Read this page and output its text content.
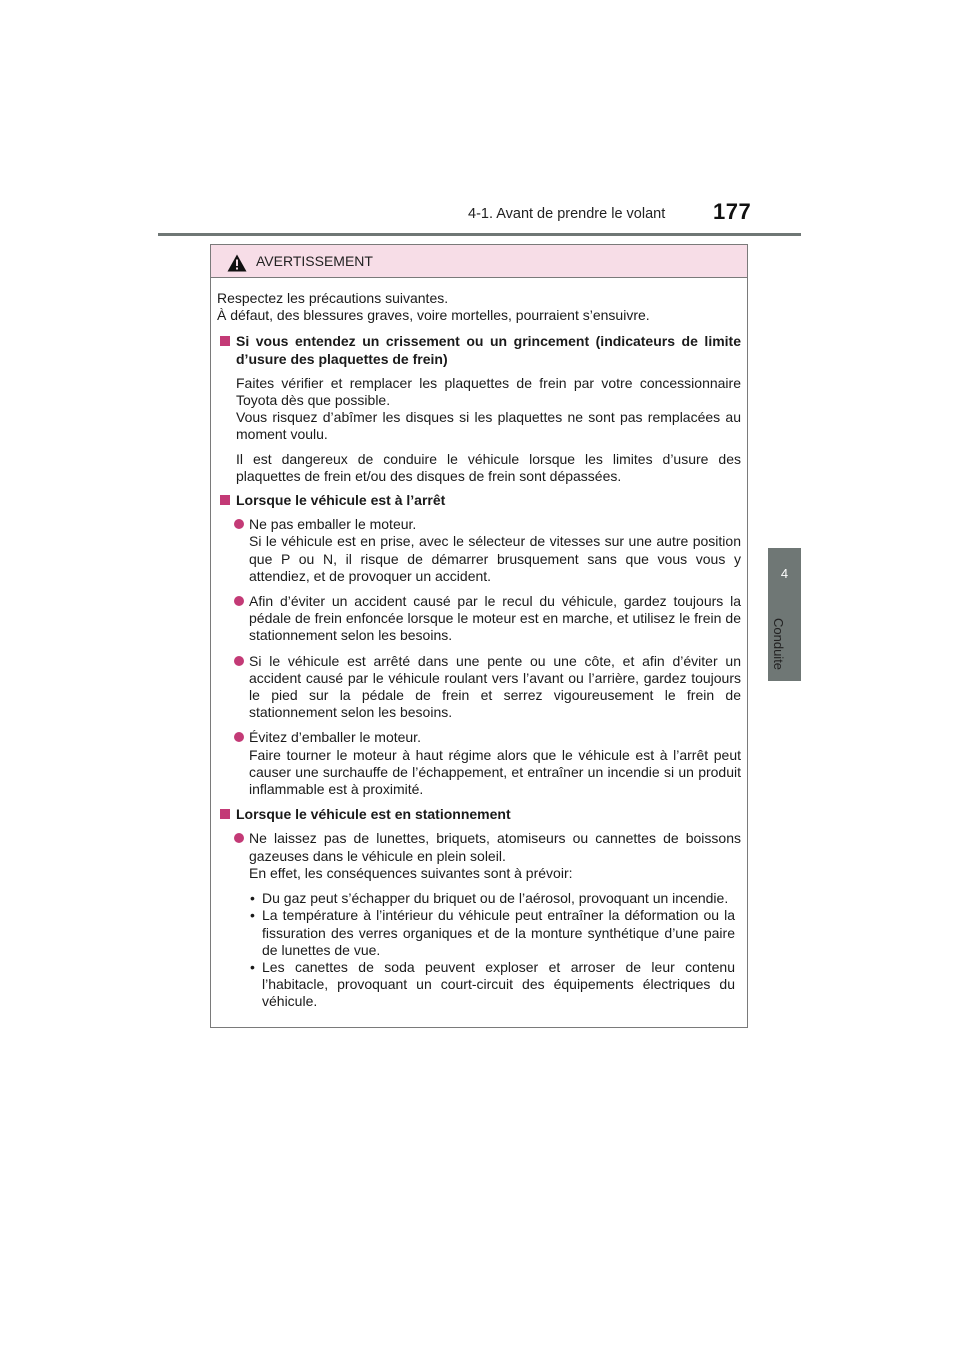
4-1. Avant de prendre le volant 177
4
Conduite
AVERTISSEMENT

Respectez les précautions suivantes.

À défaut, des blessures graves, voire mortelles, pourraient s’ensuivre.

Si vous entendez un crissement ou un grincement (indicateurs de limite d’usure des plaquettes de frein)

Faites vérifier et remplacer les plaquettes de frein par votre concessionnaire Toyota dès que possible.

Vous risquez d’abîmer les disques si les plaquettes ne sont pas remplacées au moment voulu.

Il est dangereux de conduire le véhicule lorsque les limites d’usure des plaquettes de frein et/ou des disques de frein sont dépassées.

Lorsque le véhicule est à l’arrêt

Ne pas emballer le moteur.

Si le véhicule est en prise, avec le sélecteur de vitesses sur une autre position que P ou N, il risque de démarrer brusquement sans que vous vous y attendiez, et de provoquer un accident.

Afin d’éviter un accident causé par le recul du véhicule, gardez toujours la pédale de frein enfoncée lorsque le moteur est en marche, et utilisez le frein de stationnement selon les besoins.

Si le véhicule est arrêté dans une pente ou une côte, et afin d’éviter un accident causé par le véhicule roulant vers l’avant ou l’arrière, gardez toujours le pied sur la pédale de frein et serrez vigoureusement le frein de stationnement selon les besoins.

Évitez d’emballer le moteur.

Faire tourner le moteur à haut régime alors que le véhicule est à l’arrêt peut causer une surchauffe de l’échappement, et entraîner un incendie si un produit inflammable est à proximité.

Lorsque le véhicule est en stationnement

Ne laissez pas de lunettes, briquets, atomiseurs ou cannettes de boissons gazeuses dans le véhicule en plein soleil.

En effet, les conséquences suivantes sont à prévoir:

• Du gaz peut s’échapper du briquet ou de l’aérosol, provoquant un incendie.
• La température à l’intérieur du véhicule peut entraîner la déformation ou la fissuration des verres organiques et de la monture synthétique d’une paire de lunettes de vue.
• Les canettes de soda peuvent exploser et arroser de leur contenu l’habitacle, provoquant un court-circuit des équipements électriques du véhicule.
